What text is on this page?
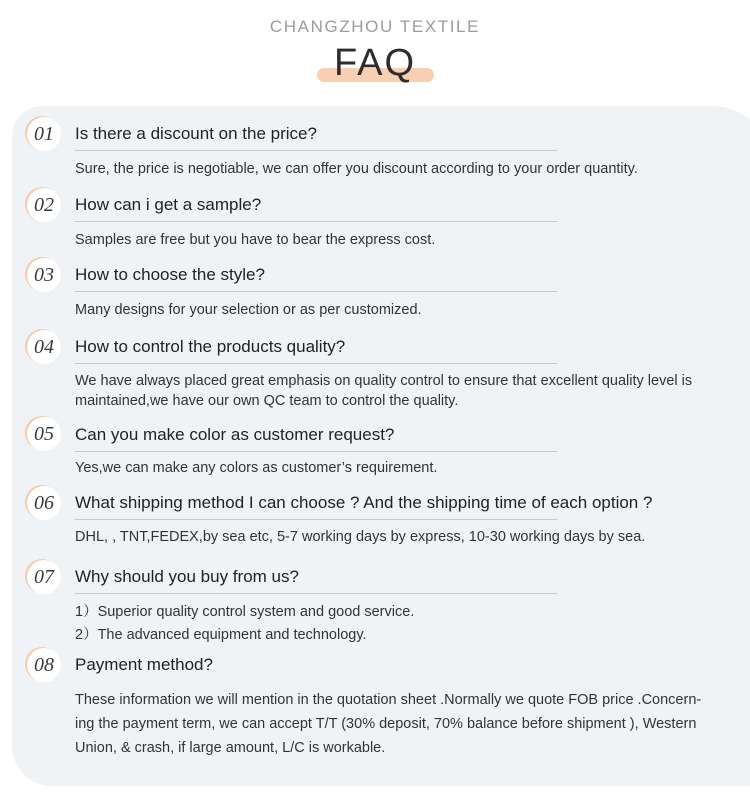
CHANGZHOU TEXTILE
FAQ
01	Is there a discount on the price?
Sure, the price is negotiable, we can offer you discount according to your order quantity.
02	How can i get a sample?
Samples are free but you have to bear the express cost.
03	How to choose the style?
Many designs for your selection or as per customized.
04	How to control the products quality?
We have always placed great emphasis on quality control to ensure that excellent quality level is
maintained,we have our own QC team to control the quality.
05	Can you make color as customer request?
Yes,we can make any colors as customer’s requirement.
06	What shipping method I can choose ? And the shipping time of each option ?
DHL, , TNT,FEDEX,by sea etc, 5-7 working days by express, 10-30 working days by sea.
07	Why should you buy from us?
1）Superior quality control system and good service.
2）The advanced equipment and technology.
08	Payment method?
These information we will mention in the quotation sheet .Normally we quote FOB price .Concern-
ing the payment term, we can accept T/T (30% deposit, 70% balance before shipment ), Western
Union, & crash, if large amount, L/C is workable.
